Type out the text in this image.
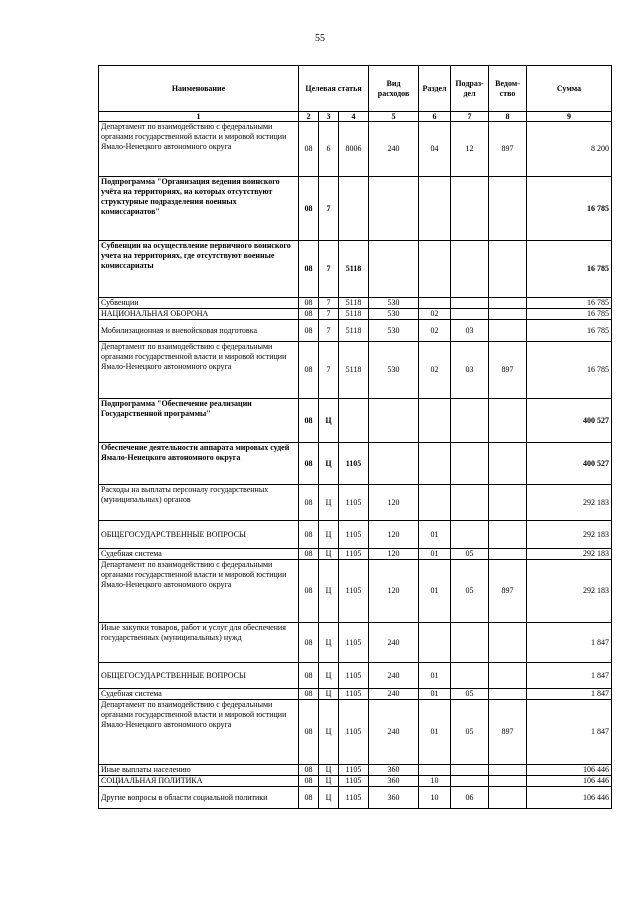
55
Наименование	Целевая статья			Вид расходов	Раздел	Подраз-дел	Ведом-ство	Сумма
1	2	3	4	5	6	7	8	9
Департамент по взаимодействию с федеральными органами государственной власти и мировой юстиции Ямало-Ненецкого автономного округа	08	6	8006	240	04	12	897	8 200
Подпрограмма "Организация ведения воинского учёта на территориях, на которых отсутствуют структурные подразделения военных комиссариатов"	08	7						16 785
Субвенции на осуществление первичного воинского учета на территориях, где отсутствуют военные комиссариаты	08	7	5118					16 785
Субвенции	08	7	5118	530				16 785
НАЦИОНАЛЬНАЯ ОБОРОНА	08	7	5118	530	02			16 785
Мобилизационная и вневойсковая подготовка	08	7	5118	530	02	03		16 785
Департамент по взаимодействию с федеральными органами государственной власти и мировой юстиции Ямало-Ненецкого автономного округа	08	7	5118	530	02	03	897	16 785
Подпрограмма "Обеспечение реализации Государственной программы"	08	Ц						400 527
Обеспечение деятельности аппарата мировых судей Ямало-Ненецкого автономного округа	08	Ц	1105					400 527
Расходы на выплаты персоналу государственных (муниципальных) органов	08	Ц	1105	120				292 183
ОБЩЕГОСУДАРСТВЕННЫЕ ВОПРОСЫ	08	Ц	1105	120	01			292 183
Судебная система	08	Ц	1105	120	01	05		292 183
Департамент по взаимодействию с федеральными органами государственной власти и мировой юстиции Ямало-Ненецкого автономного округа	08	Ц	1105	120	01	05	897	292 183
Иные закупки товаров, работ и услуг для обеспечения государственных (муниципальных) нужд	08	Ц	1105	240				1 847
ОБЩЕГОСУДАРСТВЕННЫЕ ВОПРОСЫ	08	Ц	1105	240	01			1 847
Судебная система	08	Ц	1105	240	01	05		1 847
Департамент по взаимодействию с федеральными органами государственной власти и мировой юстиции Ямало-Ненецкого автономного округа	08	Ц	1105	240	01	05	897	1 847
Иные выплаты населению	08	Ц	1105	360				106 446
СОЦИАЛЬНАЯ ПОЛИТИКА	08	Ц	1105	360	10			106 446
Другие вопросы в области социальной политики	08	Ц	1105	360	10	06		106 446
